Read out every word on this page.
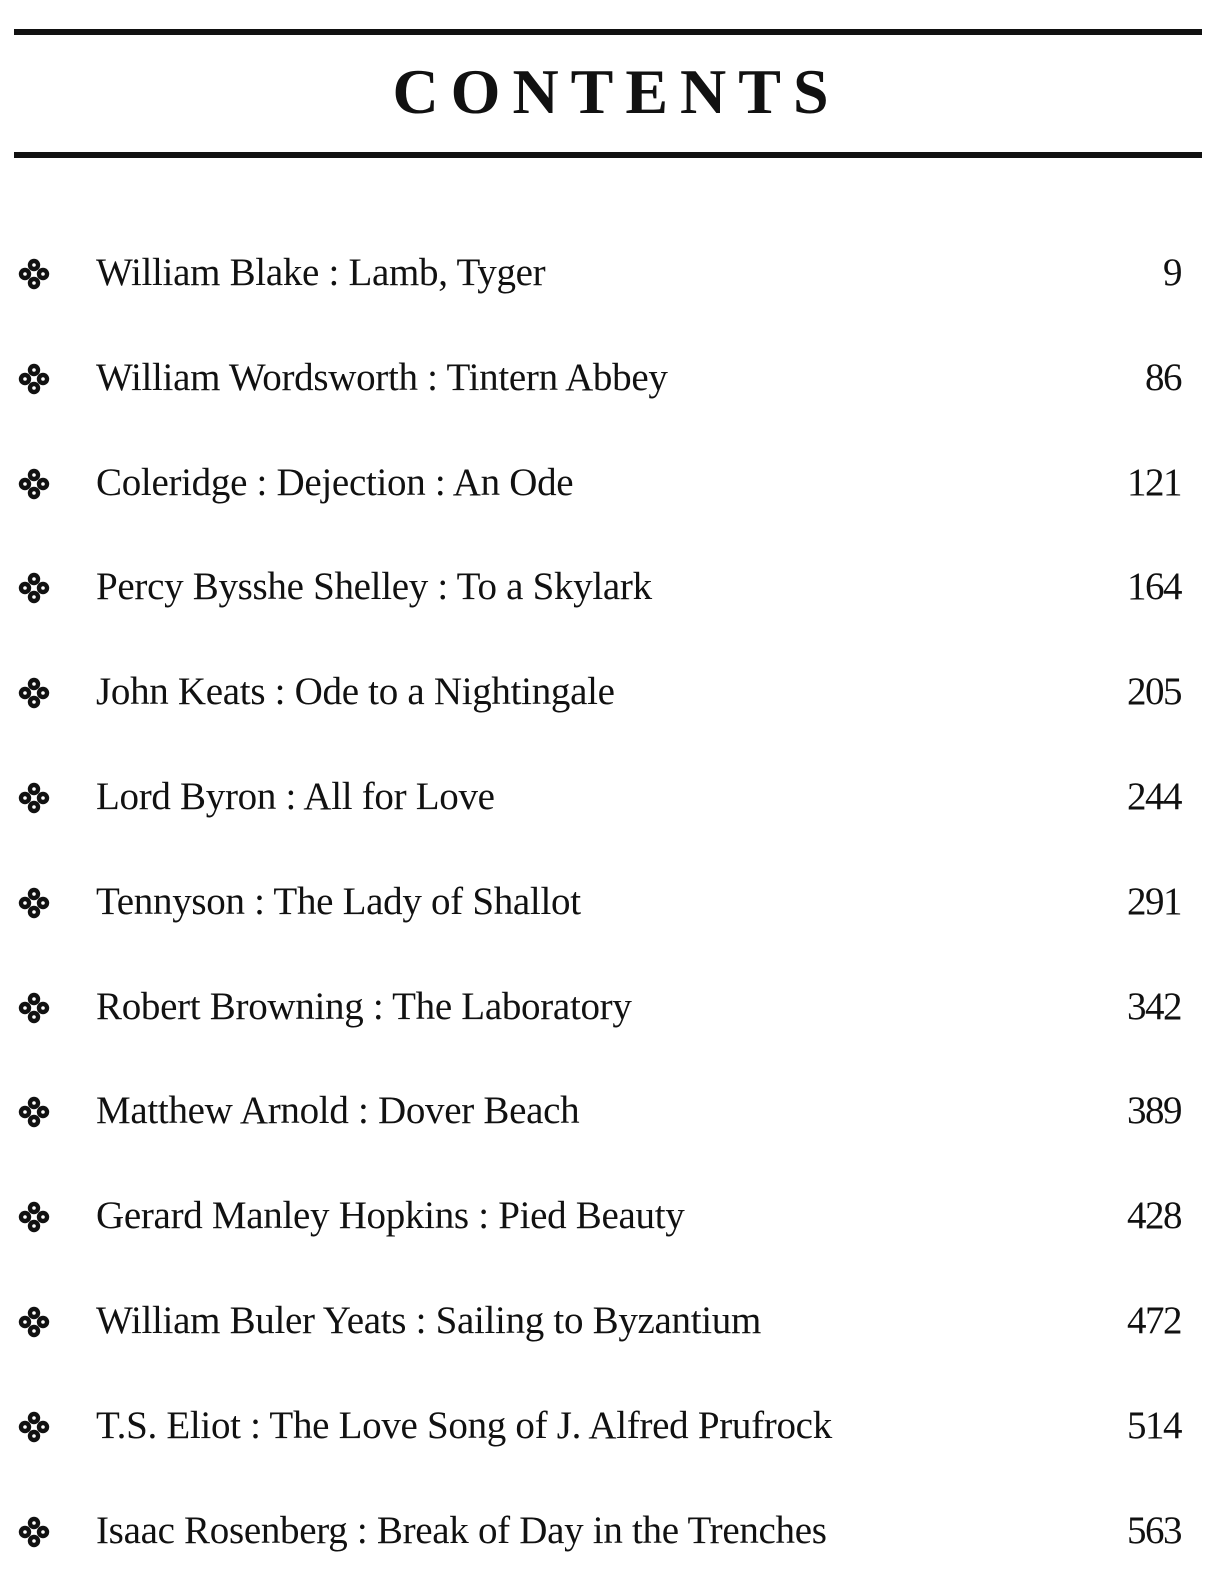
CONTENTS
William Blake : Lamb, Tyger	9
William Wordsworth : Tintern Abbey	86
Coleridge : Dejection : An Ode	121
Percy Bysshe Shelley : To a Skylark	164
John Keats : Ode to a Nightingale	205
Lord Byron : All for Love	244
Tennyson : The Lady of Shallot	291
Robert Browning : The Laboratory	342
Matthew Arnold : Dover Beach	389
Gerard Manley Hopkins : Pied Beauty	428
William Buler Yeats : Sailing to Byzantium	472
T.S. Eliot : The Love Song of J. Alfred Prufrock	514
Isaac Rosenberg : Break of Day in the Trenches	563
